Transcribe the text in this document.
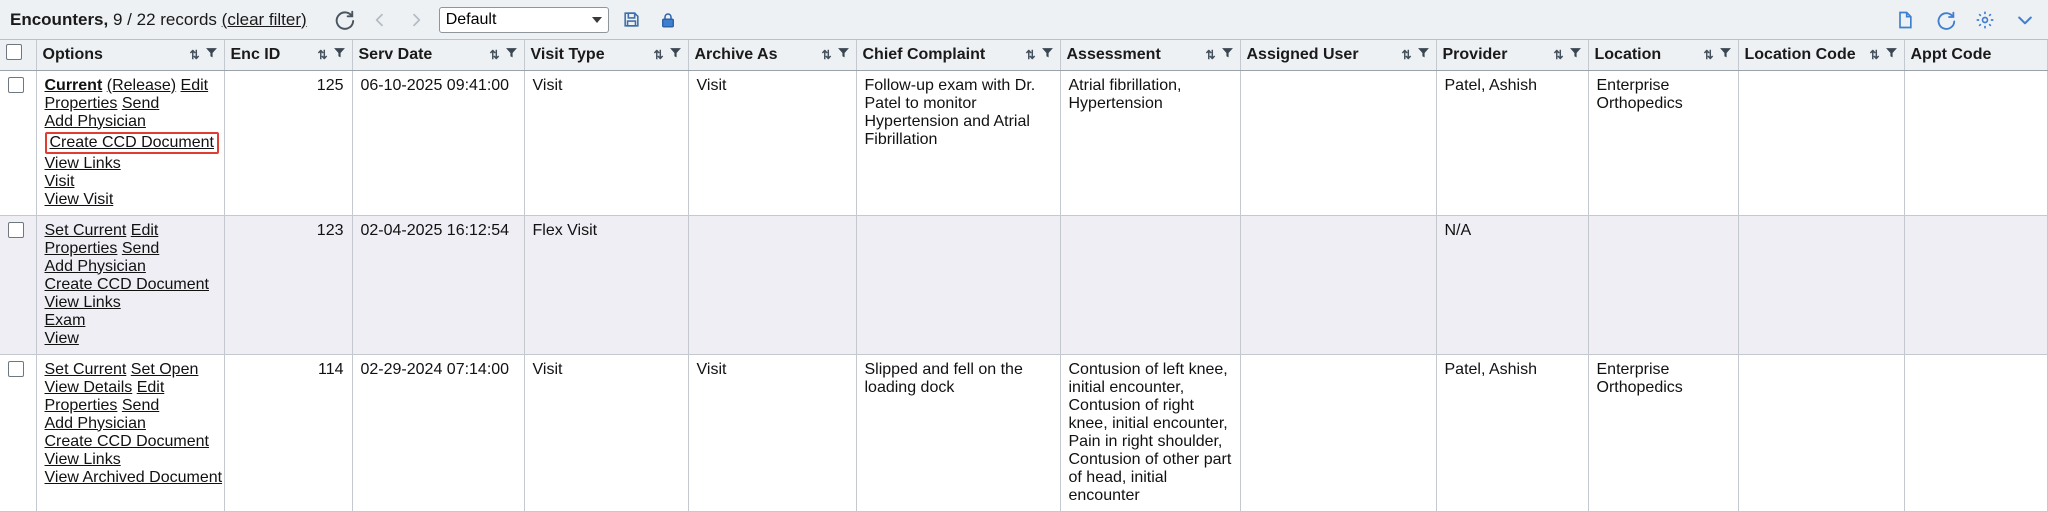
Encounters, 9 / 22 records (clear filter)	Default

	Options ⇅	Enc ID ⇅	Serv Date ⇅	Visit Type ⇅	Archive As ⇅	Chief Complaint ⇅	Assessment ⇅	Assigned User ⇅	Provider ⇅	Location ⇅	Location Code ⇅	Appt Code

Current (Release) Edit
Properties Send
Add Physician
Create CCD Document
View Links
Visit
View Visit
	125	06-10-2025 09:41:00	Visit	Visit	Follow-up exam with Dr. Patel to monitor Hypertension and Atrial Fibrillation	Atrial fibrillation, Hypertension		Patel, Ashish	Enterprise Orthopedics		

Set Current Edit
Properties Send
Add Physician
Create CCD Document
View Links
Exam
View
	123	02-04-2025 16:12:54	Flex Visit					N/A			

Set Current Set Open
View Details Edit
Properties Send
Add Physician
Create CCD Document
View Links
View Archived Document
	114	02-29-2024 07:14:00	Visit	Visit	Slipped and fell on the loading dock	Contusion of left knee, initial encounter, Contusion of right knee, initial encounter, Pain in right shoulder, Contusion of other part of head, initial encounter		Patel, Ashish	Enterprise Orthopedics		
